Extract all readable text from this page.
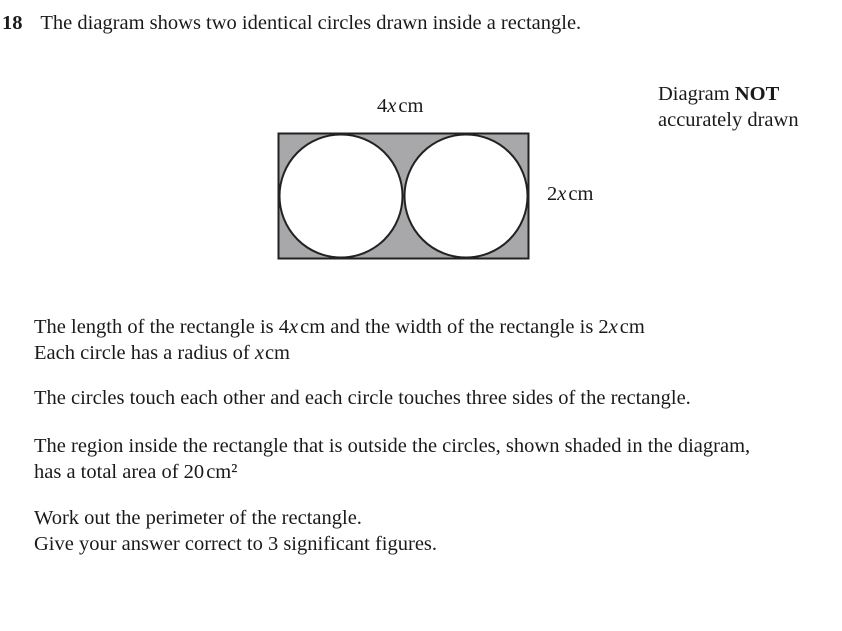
18 The diagram shows two identical circles drawn inside a rectangle.
4xcm
2xcm
Diagram NOT
accurately drawn
The length of the rectangle is 4xcm and the width of the rectangle is 2xcm
Each circle has a radius of xcm
The circles touch each other and each circle touches three sides of the rectangle.
The region inside the rectangle that is outside the circles, shown shaded in the diagram,
has a total area of 20cm²
Work out the perimeter of the rectangle.
Give your answer correct to 3 significant figures.
